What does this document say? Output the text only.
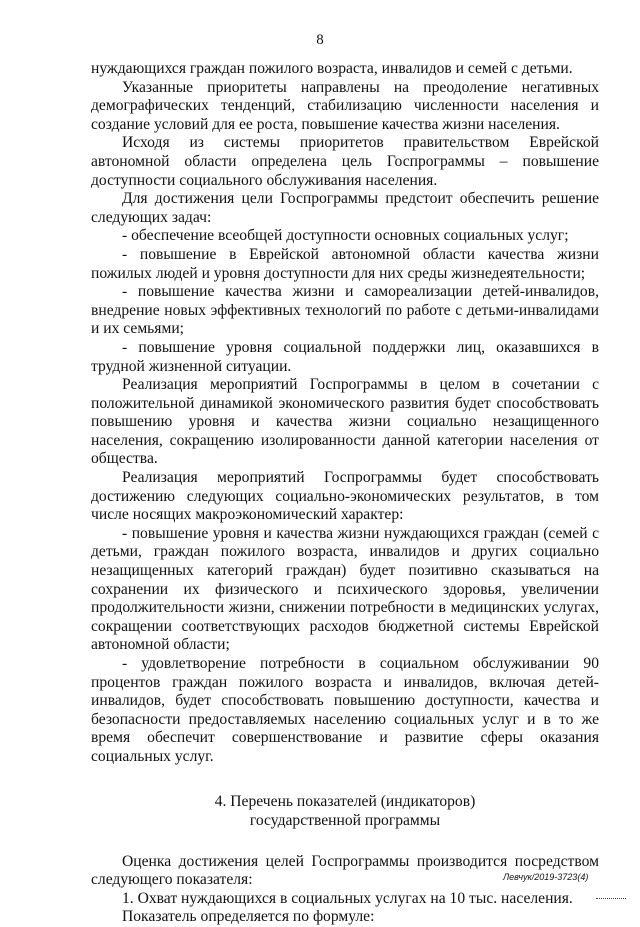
8

нуждающихся граждан пожилого возраста, инвалидов и семей с детьми.

Указанные приоритеты направлены на преодоление негативных демографических тенденций, стабилизацию численности населения и создание условий для ее роста, повышение качества жизни населения.

Исходя из системы приоритетов правительством Еврейской автономной области определена цель Госпрограммы – повышение доступности социального обслуживания населения.

Для достижения цели Госпрограммы предстоит обеспечить решение следующих задач:

- обеспечение всеобщей доступности основных социальных услуг;

- повышение в Еврейской автономной области качества жизни пожилых людей и уровня доступности для них среды жизнедеятельности;

- повышение качества жизни и самореализации детей-инвалидов, внедрение новых эффективных технологий по работе с детьми-инвалидами и их семьями;

- повышение уровня социальной поддержки лиц, оказавшихся в трудной жизненной ситуации.

Реализация мероприятий Госпрограммы в целом в сочетании с положительной динамикой экономического развития будет способствовать повышению уровня и качества жизни социально незащищенного населения, сокращению изолированности данной категории населения от общества.

Реализация мероприятий Госпрограммы будет способствовать достижению следующих социально-экономических результатов, в том числе носящих макроэкономический характер:

- повышение уровня и качества жизни нуждающихся граждан (семей с детьми, граждан пожилого возраста, инвалидов и других социально незащищенных категорий граждан) будет позитивно сказываться на сохранении их физического и психического здоровья, увеличении продолжительности жизни, снижении потребности в медицинских услугах, сокращении соответствующих расходов бюджетной системы Еврейской автономной области;

- удовлетворение потребности в социальном обслуживании 90 процентов граждан пожилого возраста и инвалидов, включая детей-инвалидов, будет способствовать повышению доступности, качества и безопасности предоставляемых населению социальных услуг и в то же время обеспечит совершенствование и развитие сферы оказания социальных услуг.

4. Перечень показателей (индикаторов)
государственной программы

Оценка достижения целей Госпрограммы производится посредством следующего показателя:

1. Охват нуждающихся в социальных услугах на 10 тыс. населения.

Показатель определяется по формуле:

Левчук/2019-3723(4)
